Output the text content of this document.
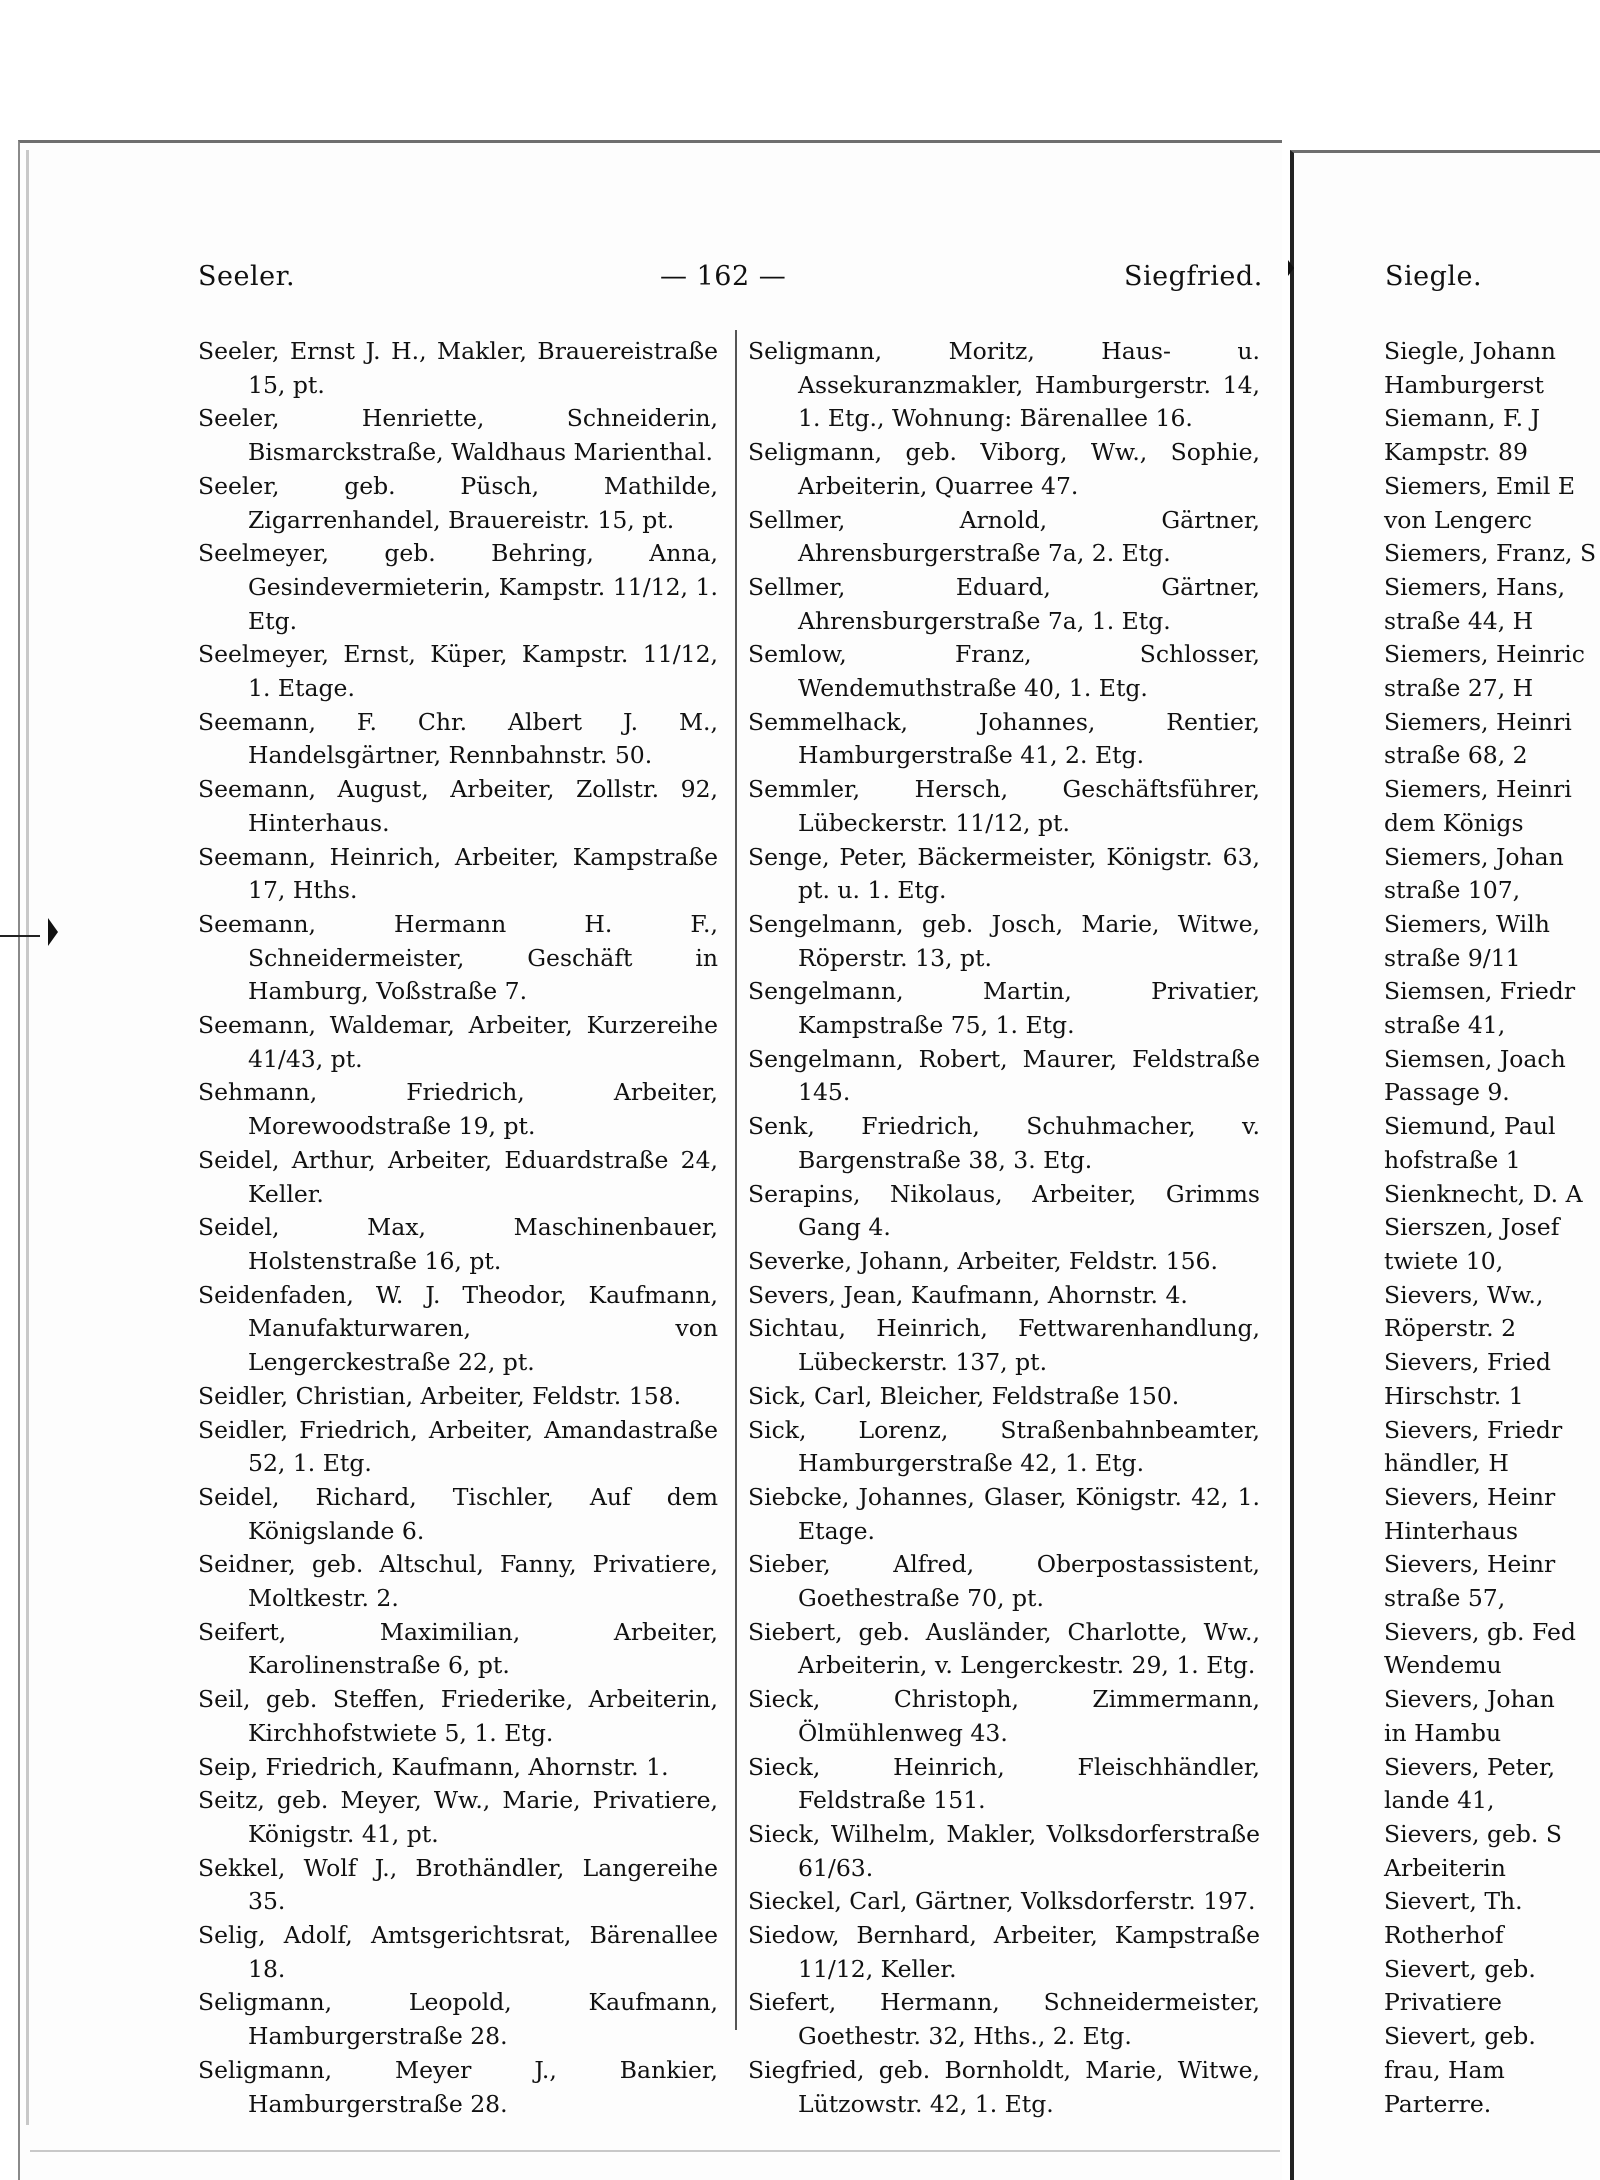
Seeler.	— 162 —	Siegfried.	Siegle.

Seeler, Ernst J. H., Makler, Brauereistraße 15, pt.

Seeler, Henriette, Schneiderin, Bismarckstraße, Waldhaus Marienthal.

Seeler, geb. Püsch, Mathilde, Zigarrenhandel, Brauereistr. 15, pt.

Seelmeyer, geb. Behring, Anna, Gesindevermieterin, Kampstr. 11/12, 1. Etg.

Seelmeyer, Ernst, Küper, Kampstr. 11/12, 1. Etage.

Seemann, F. Chr. Albert J. M., Handelsgärtner, Rennbahnstr. 50.

Seemann, August, Arbeiter, Zollstr. 92, Hinterhaus.

Seemann, Heinrich, Arbeiter, Kampstraße 17, Hths.

Seemann, Hermann H. F., Schneidermeister, Geschäft in Hamburg, Voßstraße 7.

Seemann, Waldemar, Arbeiter, Kurzereihe 41/43, pt.

Sehmann, Friedrich, Arbeiter, Morewoodstraße 19, pt.

Seidel, Arthur, Arbeiter, Eduardstraße 24, Keller.

Seidel, Max, Maschinenbauer, Holstenstraße 16, pt.

Seidenfaden, W. J. Theodor, Kaufmann, Manufakturwaren, von Lengerckestraße 22, pt.

Seidler, Christian, Arbeiter, Feldstr. 158.

Seidler, Friedrich, Arbeiter, Amandastraße 52, 1. Etg.

Seidel, Richard, Tischler, Auf dem Königslande 6.

Seidner, geb. Altschul, Fanny, Privatiere, Moltkestr. 2.

Seifert, Maximilian, Arbeiter, Karolinenstraße 6, pt.

Seil, geb. Steffen, Friederike, Arbeiterin, Kirchhofstwiete 5, 1. Etg.

Seip, Friedrich, Kaufmann, Ahornstr. 1.

Seitz, geb. Meyer, Ww., Marie, Privatiere, Königstr. 41, pt.

Sekkel, Wolf J., Brothändler, Langereihe 35.

Selig, Adolf, Amtsgerichtsrat, Bärenallee 18.

Seligmann, Leopold, Kaufmann, Hamburgerstraße 28.

Seligmann, Meyer J., Bankier, Hamburgerstraße 28.

Seligmann, Moritz, Haus- u. Assekuranzmakler, Hamburgerstr. 14, 1. Etg., Wohnung: Bärenallee 16.

Seligmann, geb. Viborg, Ww., Sophie, Arbeiterin, Quarree 47.

Sellmer, Arnold, Gärtner, Ahrensburgerstraße 7a, 2. Etg.

Sellmer, Eduard, Gärtner, Ahrensburgerstraße 7a, 1. Etg.

Semlow, Franz, Schlosser, Wendemuthstraße 40, 1. Etg.

Semmelhack, Johannes, Rentier, Hamburgerstraße 41, 2. Etg.

Semmler, Hersch, Geschäftsführer, Lübeckerstr. 11/12, pt.

Senge, Peter, Bäckermeister, Königstr. 63, pt. u. 1. Etg.

Sengelmann, geb. Josch, Marie, Witwe, Röperstr. 13, pt.

Sengelmann, Martin, Privatier, Kampstraße 75, 1. Etg.

Sengelmann, Robert, Maurer, Feldstraße 145.

Senk, Friedrich, Schuhmacher, v. Bargenstraße 38, 3. Etg.

Serapins, Nikolaus, Arbeiter, Grimms Gang 4.

Severke, Johann, Arbeiter, Feldstr. 156.

Severs, Jean, Kaufmann, Ahornstr. 4.

Sichtau, Heinrich, Fettwarenhandlung, Lübeckerstr. 137, pt.

Sick, Carl, Bleicher, Feldstraße 150.

Sick, Lorenz, Straßenbahnbeamter, Hamburgerstraße 42, 1. Etg.

Siebcke, Johannes, Glaser, Königstr. 42, 1. Etage.

Sieber, Alfred, Oberpostassistent, Goethestraße 70, pt.

Siebert, geb. Ausländer, Charlotte, Ww., Arbeiterin, v. Lengerckestr. 29, 1. Etg.

Sieck, Christoph, Zimmermann, Ölmühlenweg 43.

Sieck, Heinrich, Fleischhändler, Feldstraße 151.

Sieck, Wilhelm, Makler, Volksdorferstraße 61/63.

Sieckel, Carl, Gärtner, Volksdorferstr. 197.

Siedow, Bernhard, Arbeiter, Kampstraße 11/12, Keller.

Siefert, Hermann, Schneidermeister, Goethestr. 32, Hths., 2. Etg.

Siegfried, geb. Bornholdt, Marie, Witwe, Lützowstr. 42, 1. Etg.

Siegle, Johann

Hamburgerst

Siemann, F. J

Kampstr. 89

Siemers, Emil E

von Lengerc

Siemers, Franz, S

Siemers, Hans,

straße 44, H

Siemers, Heinric

straße 27, H

Siemers, Heinri

straße 68, 2

Siemers, Heinri

dem Königs

Siemers, Johan

straße 107,

Siemers, Wilh

straße 9/11

Siemsen, Friedr

straße 41,

Siemsen, Joach

Passage 9.

Siemund, Paul

hofstraße 1

Sienknecht, D. A

Sierszen, Josef

twiete 10,

Sievers, Ww.,

Röperstr. 2

Sievers, Fried

Hirschstr. 1

Sievers, Friedr

händler, H

Sievers, Heinr

Hinterhaus

Sievers, Heinr

straße 57,

Sievers, gb. Fed

Wendemu

Sievers, Johan

in Hambu

Sievers, Peter,

lande 41,

Sievers, geb. S

Arbeiterin

Sievert, Th.

Rotherhof

Sievert, geb.

Privatiere

Sievert, geb.

frau, Ham

Parterre.
